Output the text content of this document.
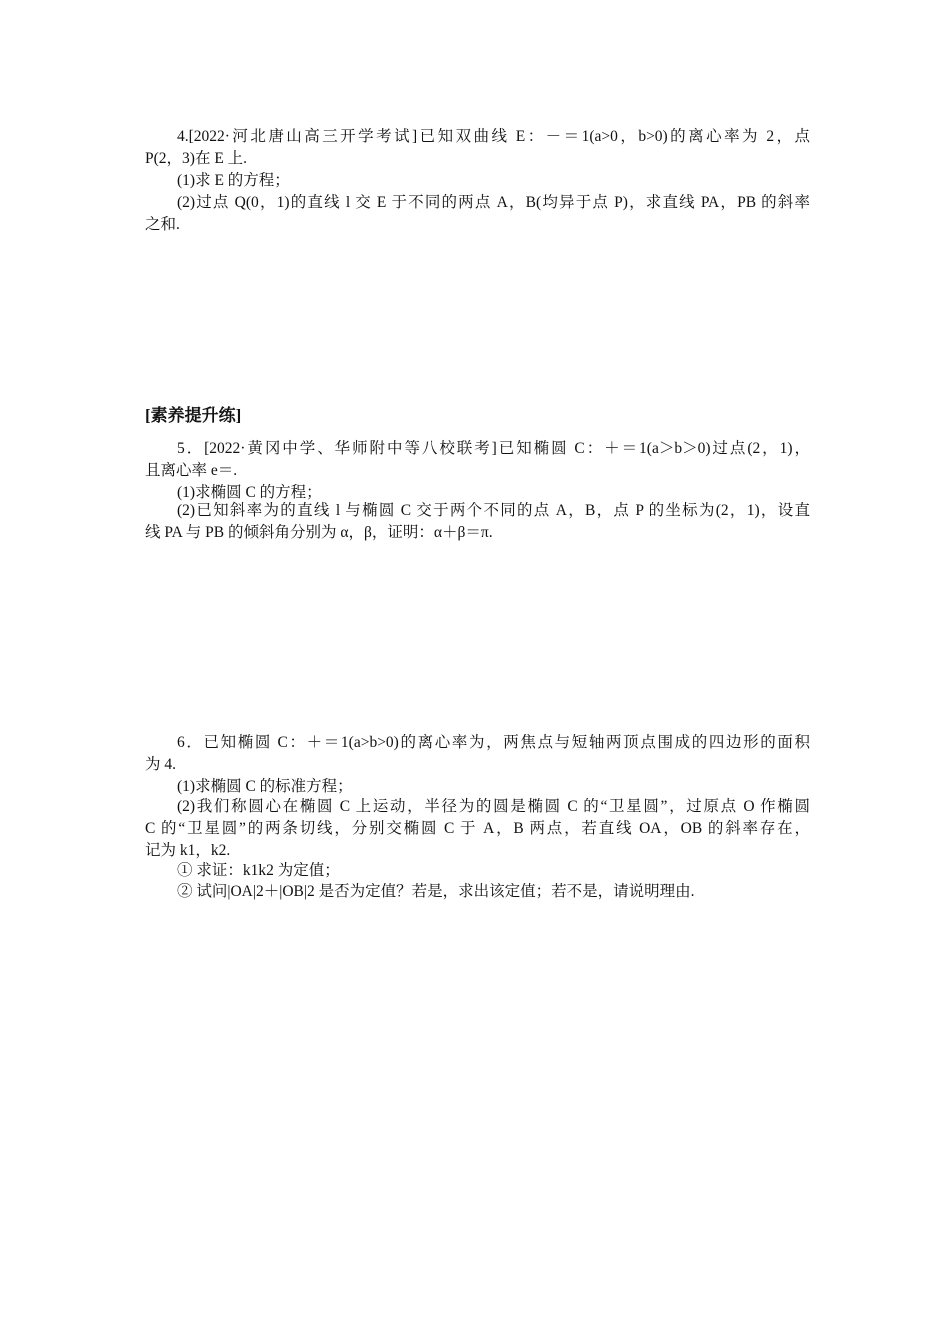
4.[2022·河北唐山高三开学考试]已知双曲线 E：－＝1(a>0，b>0)的离心率为 2，点
P(2，3)在 E 上.
(1)求 E 的方程；
(2)过点 Q(0，1)的直线 l 交 E 于不同的两点 A，B(均异于点 P)，求直线 PA，PB 的斜率
之和.
[素养提升练]
5．[2022·黄冈中学、华师附中等八校联考]已知椭圆 C：＋＝1(a＞b＞0)过点(2，1)，
且离心率 e＝.
(1)求椭圆 C 的方程；
(2)已知斜率为的直线 l 与椭圆 C 交于两个不同的点 A，B，点 P 的坐标为(2，1)，设直
线 PA 与 PB 的倾斜角分别为 α，β，证明：α＋β＝π.
6．已知椭圆 C：＋＝1(a>b>0)的离心率为，两焦点与短轴两顶点围成的四边形的面积
为 4.
(1)求椭圆 C 的标准方程；
(2)我们称圆心在椭圆 C 上运动，半径为的圆是椭圆 C 的“卫星圆”，过原点 O 作椭圆
C 的“卫星圆”的两条切线，分别交椭圆 C 于 A，B 两点，若直线 OA，OB 的斜率存在，
记为 k1，k2.
① 求证：k1k2 为定值；
② 试问|OA|2＋|OB|2 是否为定值？若是，求出该定值；若不是，请说明理由.
